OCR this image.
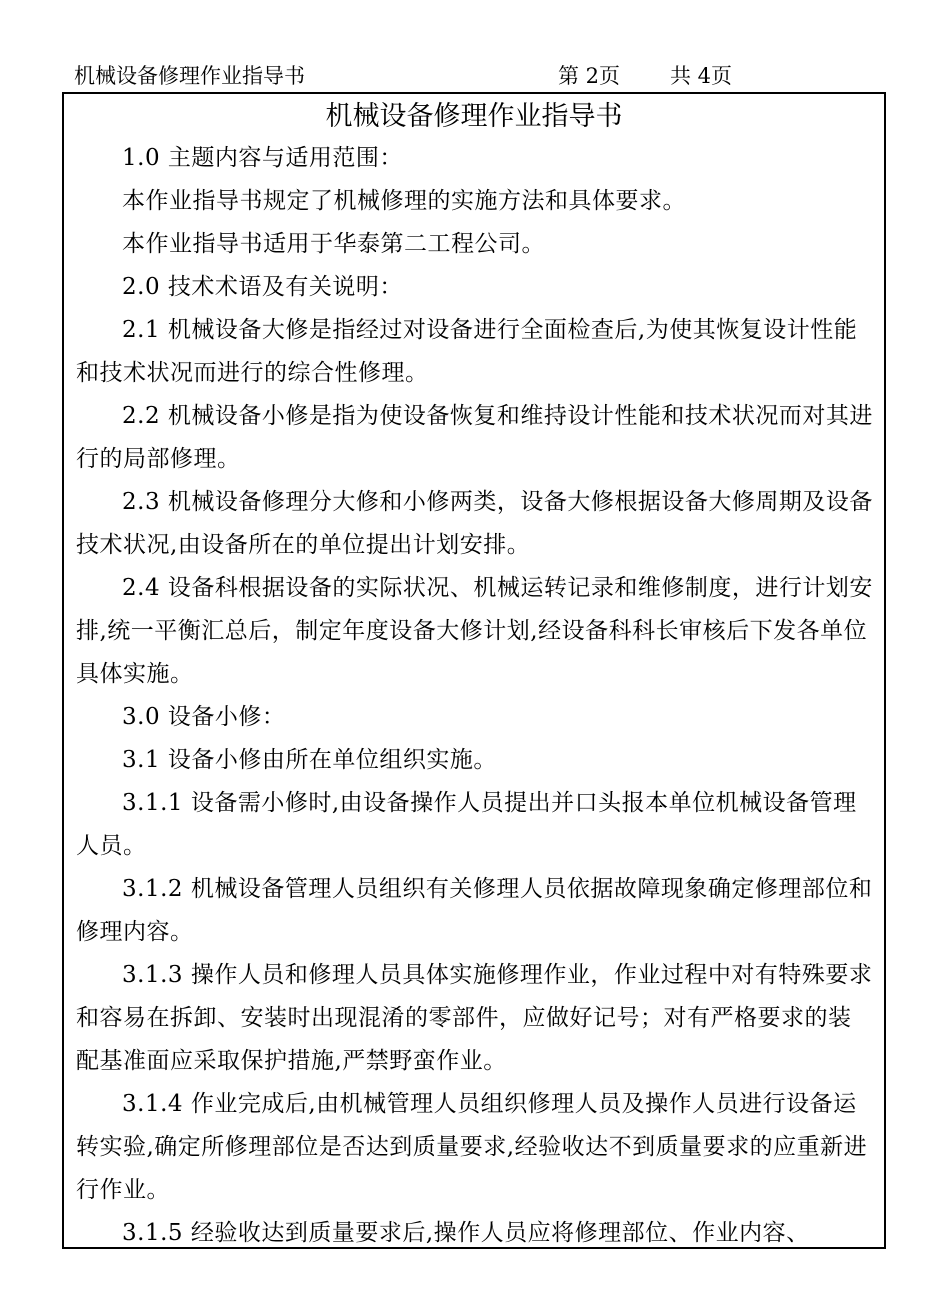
机械设备修理作业指导书	第 2页 共 4页
机械设备修理作业指导书

1.0 主题内容与适用范围：

本作业指导书规定了机械修理的实施方法和具体要求。

本作业指导书适用于华泰第二工程公司。

2.0 技术术语及有关说明：

2.1 机械设备大修是指经过对设备进行全面检查后,为使其恢复设计性能和技术状况而进行的综合性修理。

2.2 机械设备小修是指为使设备恢复和维持设计性能和技术状况而对其进行的局部修理。

2.3 机械设备修理分大修和小修两类，设备大修根据设备大修周期及设备技术状况,由设备所在的单位提出计划安排。

2.4 设备科根据设备的实际状况、机械运转记录和维修制度，进行计划安排,统一平衡汇总后，制定年度设备大修计划,经设备科科长审核后下发各单位具体实施。

3.0 设备小修：

3.1 设备小修由所在单位组织实施。

3.1.1 设备需小修时,由设备操作人员提出并口头报本单位机械设备管理人员。

3.1.2 机械设备管理人员组织有关修理人员依据故障现象确定修理部位和修理内容。

3.1.3 操作人员和修理人员具体实施修理作业，作业过程中对有特殊要求和容易在拆卸、安装时出现混淆的零部件，应做好记号；对有严格要求的装配基准面应采取保护措施,严禁野蛮作业。

3.1.4 作业完成后,由机械管理人员组织修理人员及操作人员进行设备运转实验,确定所修理部位是否达到质量要求,经验收达不到质量要求的应重新进行作业。

3.1.5 经验收达到质量要求后,操作人员应将修理部位、作业内容、
